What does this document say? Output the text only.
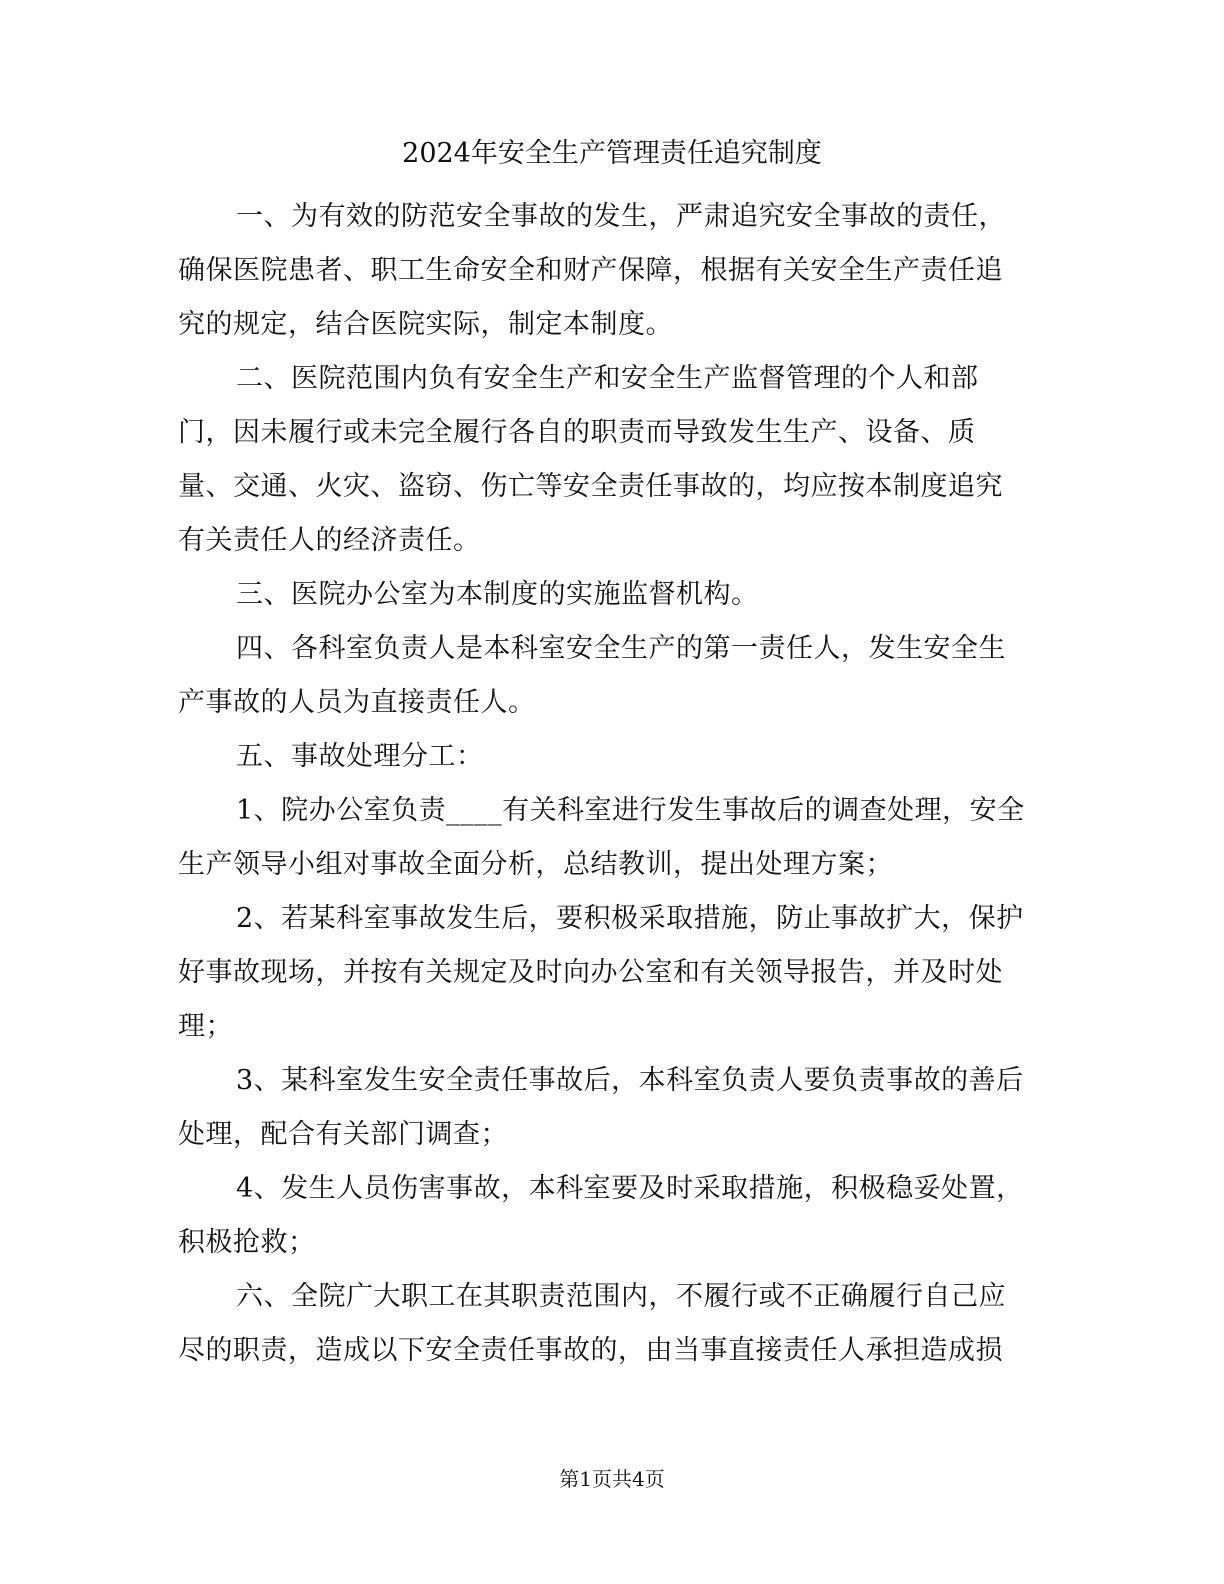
2024年安全生产管理责任追究制度
一、为有效的防范安全事故的发生，严肃追究安全事故的责任，
确保医院患者、职工生命安全和财产保障，根据有关安全生产责任追
究的规定，结合医院实际，制定本制度。
二、医院范围内负有安全生产和安全生产监督管理的个人和部
门，因未履行或未完全履行各自的职责而导致发生生产、设备、质
量、交通、火灾、盗窃、伤亡等安全责任事故的，均应按本制度追究
有关责任人的经济责任。
三、医院办公室为本制度的实施监督机构。
四、各科室负责人是本科室安全生产的第一责任人，发生安全生
产事故的人员为直接责任人。
五、事故处理分工：
1、院办公室负责____有关科室进行发生事故后的调查处理，安全
生产领导小组对事故全面分析，总结教训，提出处理方案；
2、若某科室事故发生后，要积极采取措施，防止事故扩大，保护
好事故现场，并按有关规定及时向办公室和有关领导报告，并及时处
理；
3、某科室发生安全责任事故后，本科室负责人要负责事故的善后
处理，配合有关部门调查；
4、发生人员伤害事故，本科室要及时采取措施，积极稳妥处置，
积极抢救；
六、全院广大职工在其职责范围内，不履行或不正确履行自己应
尽的职责，造成以下安全责任事故的，由当事直接责任人承担造成损
第1页共4页
